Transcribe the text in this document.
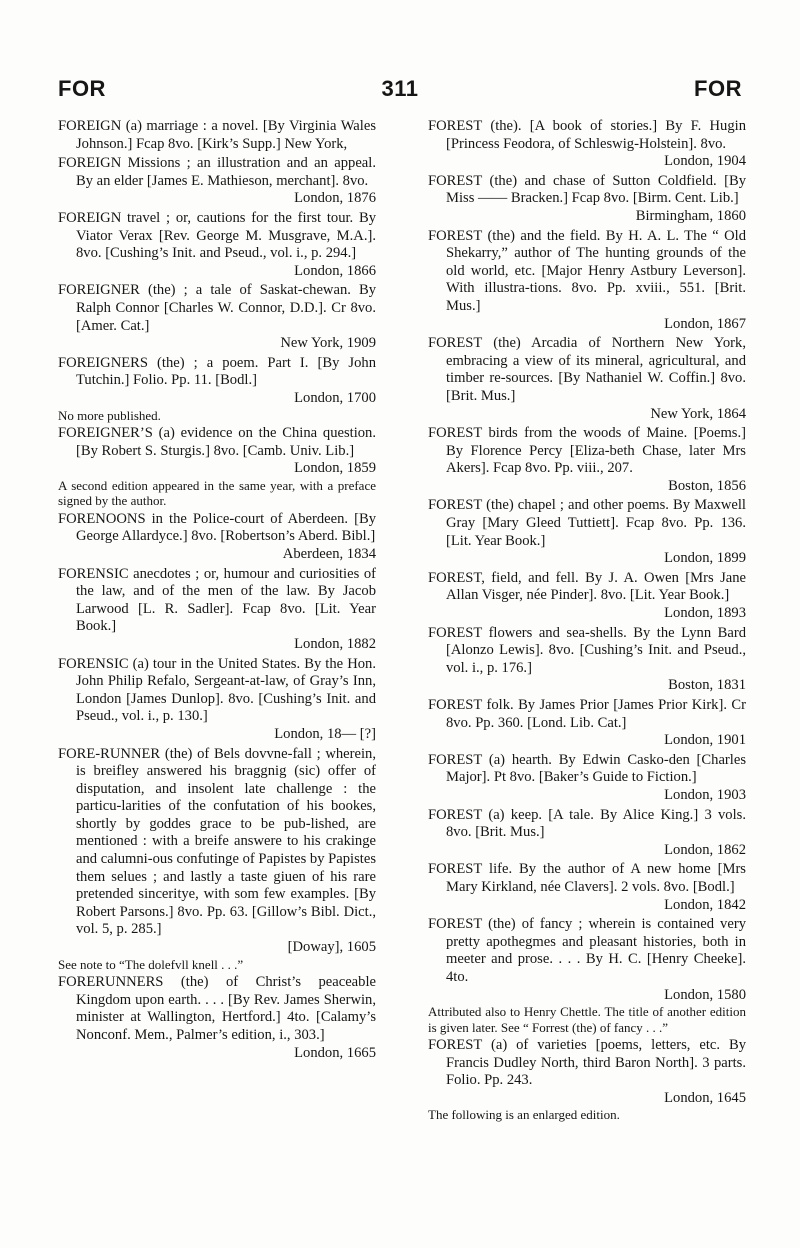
FOR	311	FOR

FOREIGN (a) marriage : a novel. [By Virginia Wales Johnson.] Fcap 8vo. [Kirk’s Supp.] New York,

FOREIGN Missions ; an illustration and an appeal. By an elder [James E. Mathieson, merchant]. 8vo.
London, 1876

FOREIGN travel ; or, cautions for the first tour. By Viator Verax [Rev. George M. Musgrave, M.A.]. 8vo. [Cushing’s Init. and Pseud., vol. i., p. 294.]
London, 1866

FOREIGNER (the) ; a tale of Saskat-chewan. By Ralph Connor [Charles W. Connor, D.D.]. Cr 8vo. [Amer. Cat.]
New York, 1909

FOREIGNERS (the) ; a poem. Part I. [By John Tutchin.] Folio. Pp. 11. [Bodl.]
London, 1700
No more published.

FOREIGNER’S (a) evidence on the China question. [By Robert S. Sturgis.] 8vo. [Camb. Univ. Lib.]
London, 1859
A second edition appeared in the same year, with a preface signed by the author.

FORENOONS in the Police-court of Aberdeen. [By George Allardyce.] 8vo. [Robertson’s Aberd. Bibl.]
Aberdeen, 1834

FORENSIC anecdotes ; or, humour and curiosities of the law, and of the men of the law. By Jacob Larwood [L. R. Sadler]. Fcap 8vo. [Lit. Year Book.]
London, 1882

FORENSIC (a) tour in the United States. By the Hon. John Philip Refalo, Sergeant-at-law, of Gray’s Inn, London [James Dunlop]. 8vo. [Cushing’s Init. and Pseud., vol. i., p. 130.]
London, 18— [?]

FORE-RUNNER (the) of Bels dovvne-fall ; wherein, is breifley answered his braggnig (sic) offer of disputation, and insolent late challenge : the particu-larities of the confutation of his bookes, shortly by goddes grace to be pub-lished, are mentioned : with a breife answere to his crakinge and calumni-ous confutinge of Papistes by Papistes them selues ; and lastly a taste giuen of his rare pretended sinceritye, with som few examples. [By Robert Parsons.] 8vo. Pp. 63. [Gillow’s Bibl. Dict., vol. 5, p. 285.]
[Doway], 1605
See note to “The dolefvll knell . . .”

FORERUNNERS (the) of Christ’s peaceable Kingdom upon earth. . . . [By Rev. James Sherwin, minister at Wallington, Hertford.] 4to. [Calamy’s Nonconf. Mem., Palmer’s edition, i., 303.]
London, 1665

FOREST (the). [A book of stories.] By F. Hugin [Princess Feodora, of Schleswig-Holstein]. 8vo.
London, 1904

FOREST (the) and chase of Sutton Coldfield. [By Miss —— Bracken.] Fcap 8vo. [Birm. Cent. Lib.]
Birmingham, 1860

FOREST (the) and the field. By H. A. L. The “ Old Shekarry,” author of The hunting grounds of the old world, etc. [Major Henry Astbury Leverson]. With illustra-tions. 8vo. Pp. xviii., 551. [Brit. Mus.]
London, 1867

FOREST (the) Arcadia of Northern New York, embracing a view of its mineral, agricultural, and timber re-sources. [By Nathaniel W. Coffin.] 8vo. [Brit. Mus.]
New York, 1864

FOREST birds from the woods of Maine. [Poems.] By Florence Percy [Eliza-beth Chase, later Mrs Akers]. Fcap 8vo. Pp. viii., 207.
Boston, 1856

FOREST (the) chapel ; and other poems. By Maxwell Gray [Mary Gleed Tuttiett]. Fcap 8vo. Pp. 136. [Lit. Year Book.]
London, 1899

FOREST, field, and fell. By J. A. Owen [Mrs Jane Allan Visger, née Pinder]. 8vo. [Lit. Year Book.]
London, 1893

FOREST flowers and sea-shells. By the Lynn Bard [Alonzo Lewis]. 8vo. [Cushing’s Init. and Pseud., vol. i., p. 176.]
Boston, 1831

FOREST folk. By James Prior [James Prior Kirk]. Cr 8vo. Pp. 360. [Lond. Lib. Cat.]
London, 1901

FOREST (a) hearth. By Edwin Casko-den [Charles Major]. Pt 8vo. [Baker’s Guide to Fiction.]
London, 1903

FOREST (a) keep. [A tale. By Alice King.] 3 vols. 8vo. [Brit. Mus.]
London, 1862

FOREST life. By the author of A new home [Mrs Mary Kirkland, née Clavers]. 2 vols. 8vo. [Bodl.]
London, 1842

FOREST (the) of fancy ; wherein is contained very pretty apothegmes and pleasant histories, both in meeter and prose. . . . By H. C. [Henry Cheeke]. 4to.
London, 1580
Attributed also to Henry Chettle. The title of another edition is given later. See “ Forrest (the) of fancy . . .”

FOREST (a) of varieties [poems, letters, etc. By Francis Dudley North, third Baron North]. 3 parts. Folio. Pp. 243.
London, 1645
The following is an enlarged edition.
